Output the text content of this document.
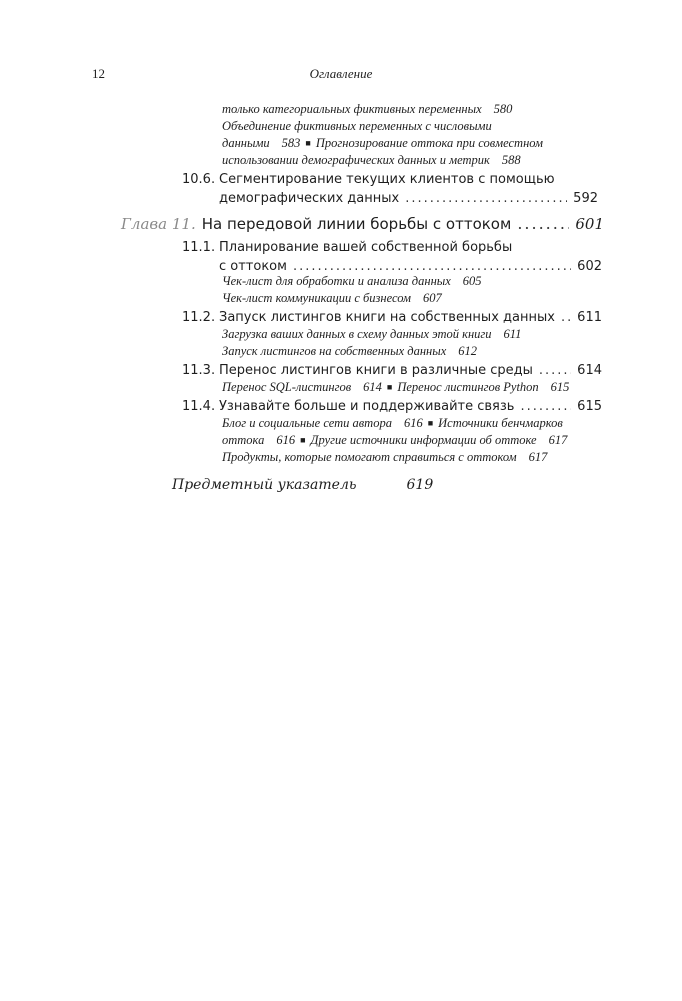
12	Оглавление
только категориальных фиктивных переменных 580
Объединение фиктивных переменных с числовыми
данными 583 ■ Прогнозирование оттока при совместном
использовании демографических данных и метрик 588
10.6. Сегментирование текущих клиентов с помощью
демографических данных .....	592
Глава 11. На передовой линии борьбы с оттоком .....	601
11.1. Планирование вашей собственной борьбы
с оттоком .....	602
Чек-лист для обработки и анализа данных 605
Чек-лист коммуникации с бизнесом 607
11.2. Запуск листингов книги на собственных данных ..... 611
Загрузка ваших данных в схему данных этой книги 611
Запуск листингов на собственных данных 612
11.3. Перенос листингов книги в различные среды .....	614
Перенос SQL-листингов 614 ■ Перенос листингов Python 615
11.4. Узнавайте больше и поддерживайте связь .....	615
Блог и социальные сети автора 616 ■ Источники бенчмарков
оттока 616 ■ Другие источники информации об оттоке 617
Продукты, которые помогают справиться с оттоком 617
Предметный указатель	619
